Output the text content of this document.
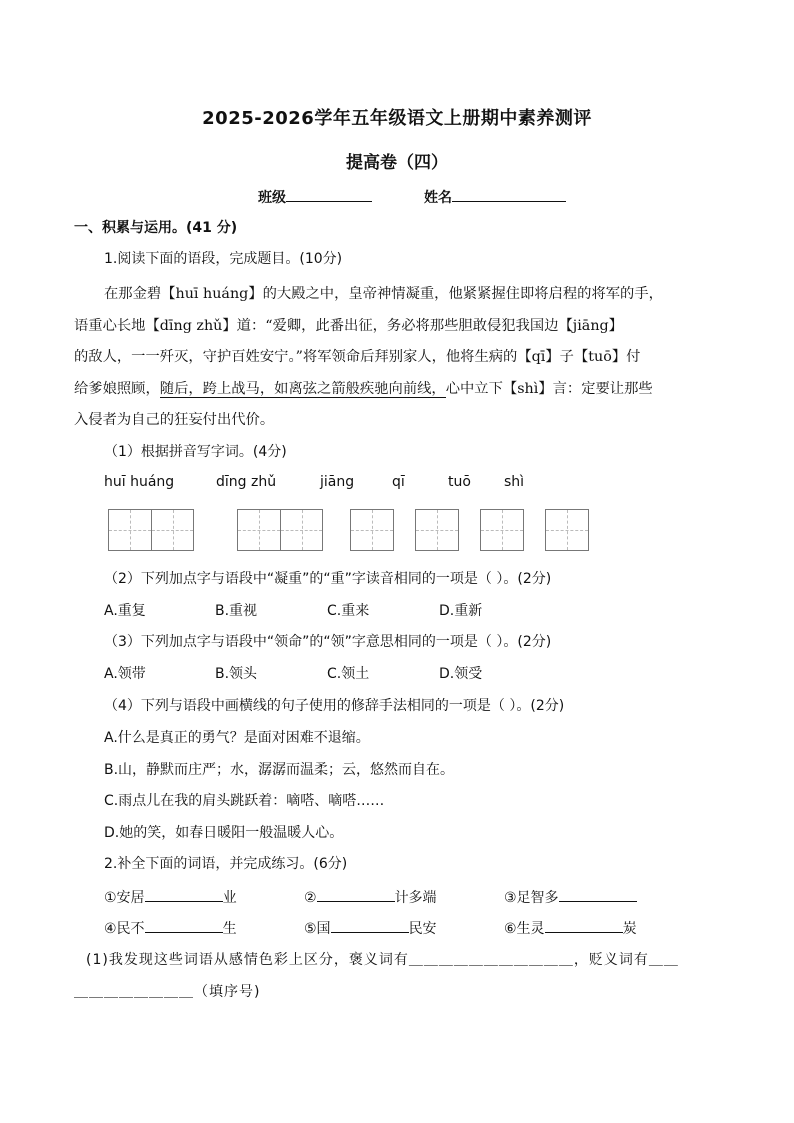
2025-2026学年五年级语文上册期中素养测评
提高卷（四）
班级	姓名
一、积累与运用。(41 分)
1.阅读下面的语段，完成题目。(10分)
在那金碧【huī huáng】的大殿之中，皇帝神情凝重，他紧紧握住即将启程的将军的手，
语重心长地【dīng zhǔ】道：“爱卿，此番出征，务必将那些胆敢侵犯我国边【jiāng】
的敌人，一一歼灭，守护百姓安宁。”将军领命后拜别家人，他将生病的【qī】子【tuō】付
给爹娘照顾，随后，跨上战马，如离弦之箭般疾驰向前线，心中立下【shì】言：定要让那些
入侵者为自己的狂妄付出代价。
（1）根据拼音写字词。(4分)
huī huáng	dīng zhǔ	jiāng	qī	tuō shì
（2）下列加点字与语段中“凝重”的“重”字读音相同的一项是（ ）。(2分)
A.重复	B.重视	C.重来	D.重新
（3）下列加点字与语段中“领命”的“领”字意思相同的一项是（ ）。(2分)
A.领带	B.领头	C.领土	D.领受
（4）下列与语段中画横线的句子使用的修辞手法相同的一项是（ ）。(2分)
A.什么是真正的勇气？是面对困难不退缩。
B.山，静默而庄严；水，潺潺而温柔；云，悠然而自在。
C.雨点儿在我的肩头跳跃着：嘀嗒、嘀嗒……
D.她的笑，如春日暖阳一般温暖人心。
2.补全下面的词语，并完成练习。(6分)
①安居	业	②	计多端	③足智多
④民不	生	⑤国	民安	⑥生灵	炭
(1)我发现这些词语从感情色彩上区分，褒义词有＿＿＿＿＿＿＿＿＿＿＿，贬义词有＿＿
＿＿＿＿＿＿＿＿（填序号)
